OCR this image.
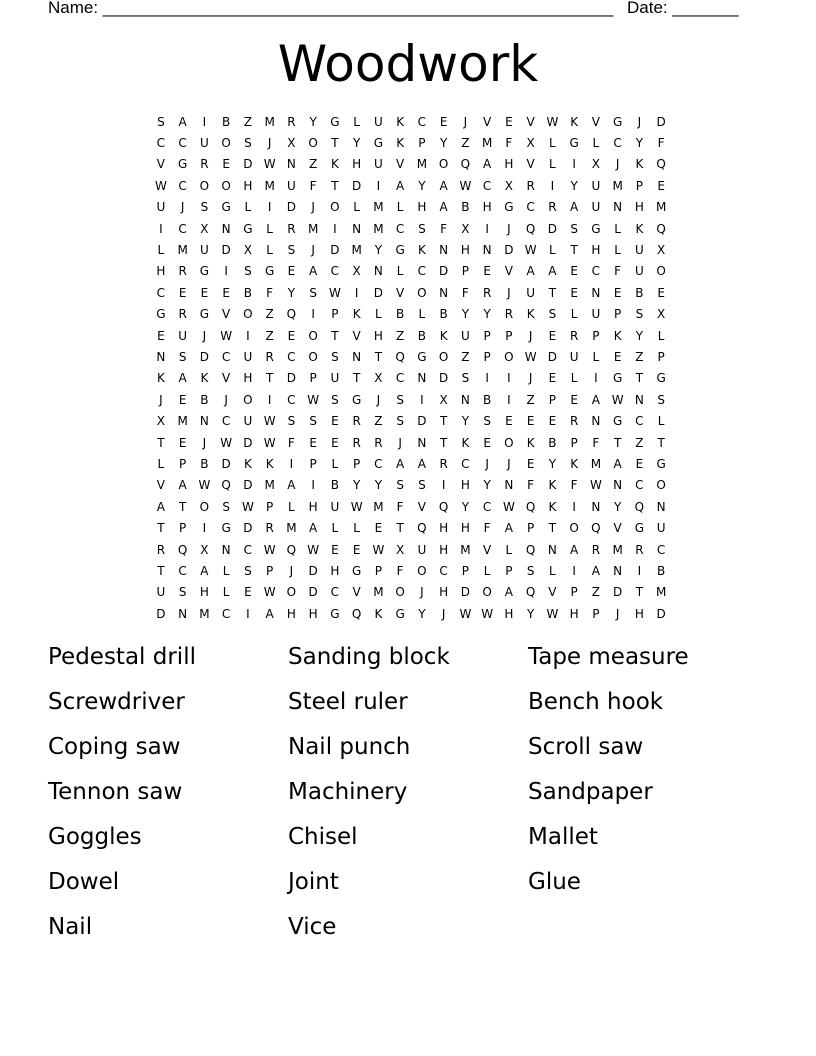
Name: ______________________________________________________ Date: _______
Woodwork
S	A	I	B	Z	M	R	Y	G	L	U	K	C	E	J	V	E	V W K	V	G	J	D
C	C	U	O	S	J	X	O	T	Y	G	K	P	Y	Z	M	F	X	L	G	L	C	Y	F
V	G	R	E	D W N	Z	K	H	U	V	M O	Q	A	H	V	L	I	X	J	K	Q
W C	O	O	H	M	U	F	T	D	I	A	Y	A W C	X	R	I	Y	U	M	P	E
U	J	S	G	L	I	D	J	O	L	M	L	H	A	B	H	G	C	R	A	U	N	H	M
I	C	X	N	G	L	R	M	I	N	M	C	S	F	X	I	J	Q	D	S	G	L	K	Q
L	M	U	D	X	L	S	J	D M	Y	G	K	N	H	N	D W	L	T	H	L	U	X
H	R	G	I	S	G	E	A	C	X	N	L	C	D	P	E	V	A	A	E	C	F	U	O
C	E	E	E	B	F	Y	S	W	I	D	V	O	N	F	R	J	U	T	E	N	E	B	E
G	R	G	V	O	Z	Q	I	P	K	L	B	L	B	Y	Y	R	K	S	L	U	P	S	X
E	U	J	W	I	Z	E	O	T	V	H	Z	B	K	U	P	P	J	E	R	P	K	Y	L
N	S	D	C	U	R	C	O	S	N	T	Q	G	O	Z	P	O W D	U	L	E	Z	P
K	A	K	V	H	T	D	P	U	T	X	C	N	D	S	I	I	J	E	L	I	G	T	G
J	E	B	J	O	I	C W	S	G	J	S	I	X	N	B	I	Z	P	E	A W N	S
X	M	N	C	U W	S	S	E	R	Z	S	D	T	Y	S	E	E	E	R	N	G	C	L
T	E	J	W D W	F	E	E	R	R	J	N	T	K	E	O	K	B	P	F	T	Z	T
L	P	B	D	K	K	I	P	L	P	C	A	A	R	C	J	J	E	Y	K	M	A	E	G
V	A W Q	D M	A	I	B	Y	Y	S	S	I	H	Y	N	F	K	F	W N	C	O
A	T	O	S	W	P	L	H	U W M	F	V	Q	Y	C W Q	K	I	N	Y	Q	N
T	P	I	G	D	R	M	A	L	L	E	T	Q	H	H	F	A	P	T	O	Q	V	G	U
R	Q	X	N	C W Q W	E	E	W X	U	H	M	V	L	Q	N	A	R	M	R	C
T	C	A	L	S	P	J	D	H	G	P	F	O	C	P	L	P	S	L	I	A	N	I	B
U	S	H	L	E	W O	D	C	V	M O	J	H	D	O	A	Q	V	P	Z	D	T	M
D	N	M	C	I	A	H	H	G	Q	K	G	Y	J	W W H	Y	W H	P	J	H	D
Pedestal drill	Sanding block	Tape measure
Screwdriver	Steel ruler	Bench hook
Coping saw	Nail punch	Scroll saw
Tennon saw	Machinery	Sandpaper
Goggles	Chisel	Mallet
Dowel	Joint	Glue
Nail	Vice
